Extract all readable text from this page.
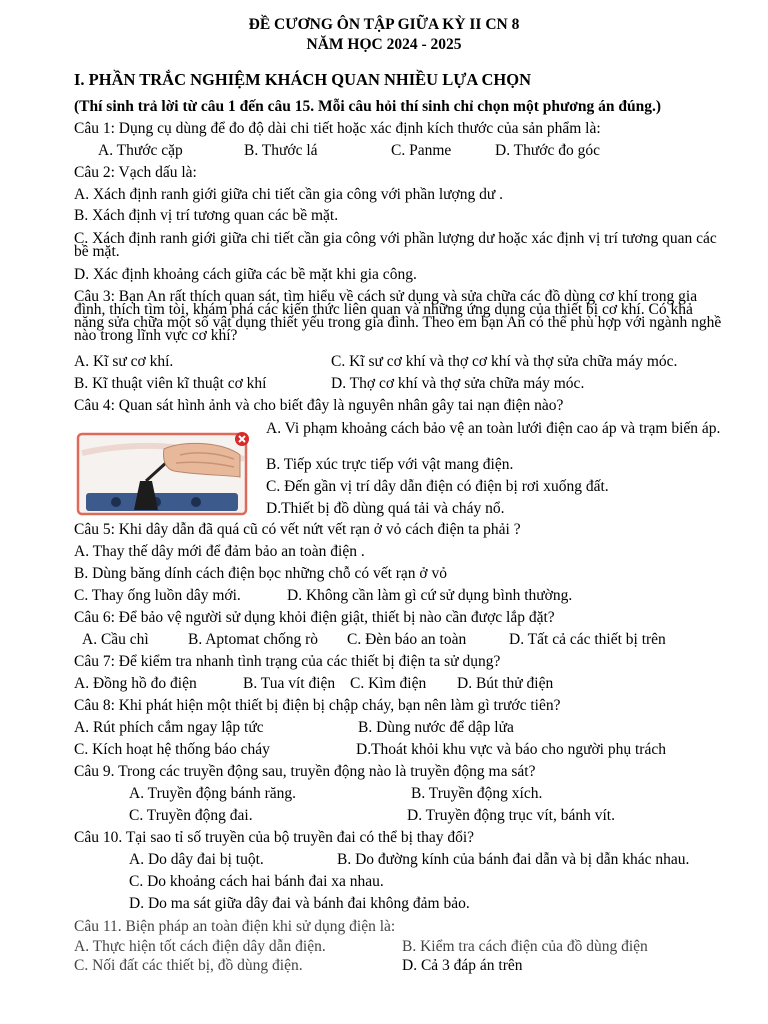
ĐỀ CƯƠNG ÔN TẬP GIỮA KỲ II CN 8
NĂM HỌC 2024 - 2025
I. PHẦN TRẮC NGHIỆM KHÁCH QUAN NHIỀU LỰA CHỌN
(Thí sinh trả lời từ câu 1 đến câu 15. Mỗi câu hỏi thí sinh chỉ chọn một phương án đúng.)
Câu 1: Dụng cụ dùng để đo độ dài chi tiết hoặc xác định kích thước của sản phẩm là:
A. Thước cặp	B. Thước lá	C. Panme	D. Thước đo góc
Câu 2: Vạch dấu là:
A. Xách định ranh giới giữa chi tiết cần gia công với phần lượng dư .
B. Xách định vị trí tương quan các bề mặt.
C. Xách định ranh giới giữa chi tiết cần gia công với phần lượng dư hoặc xác định vị trí tương quan các bề mặt.
D. Xác định khoảng cách giữa các bề mặt khi gia công.
Câu 3: Bạn An rất thích quan sát, tìm hiểu về cách sử dụng và sửa chữa các đồ dùng cơ khí trong gia đình, thích tìm tòi, khám phá các kiến thức liên quan và những ứng dụng của thiết bị cơ khí. Có khả năng sửa chữa một số vật dụng thiết yếu trong gia đình. Theo em bạn An có thể phù hợp với ngành nghề nào trong lĩnh vực cơ khí?
A. Kĩ sư cơ khí.	C. Kĩ sư cơ khí và thợ cơ khí và thợ sửa chữa máy móc.
B. Kĩ thuật viên kĩ thuật cơ khí	D. Thợ cơ khí và thợ sửa chữa máy móc.
Câu 4: Quan sát hình ảnh và cho biết đây là nguyên nhân gây tai nạn điện nào?
A. Vi phạm khoảng cách bảo vệ an toàn lưới điện cao áp và trạm biến áp.
B. Tiếp xúc trực tiếp với vật mang điện.
C. Đến gần vị trí dây dẫn điện có điện bị rơi xuống đất.
D.Thiết bị đồ dùng quá tải và cháy nổ.
Câu 5: Khi dây dẫn đã quá cũ có vết nứt vết rạn ở vỏ cách điện ta phải ?
A. Thay thế dây mới để đảm bảo an toàn điện .
B. Dùng băng dính cách điện bọc những chỗ có vết rạn ở vỏ
C. Thay ống luồn dây mới.	D. Không cần làm gì cứ sử dụng bình thường.
Câu 6: Để bảo vệ người sử dụng khỏi điện giật, thiết bị nào cần được lắp đặt?
A. Cầu chì	B. Aptomat chống rò C. Đèn báo an toàn	D. Tất cả các thiết bị trên
Câu 7: Để kiểm tra nhanh tình trạng của các thiết bị điện ta sử dụng?
A. Đồng hồ đo điện	B. Tua vít điện C. Kìm điện D. Bút thử điện
Câu 8: Khi phát hiện một thiết bị điện bị chập cháy, bạn nên làm gì trước tiên?
A. Rút phích cắm ngay lập tức	B. Dùng nước để dập lửa
C. Kích hoạt hệ thống báo cháy	D.Thoát khỏi khu vực và báo cho người phụ trách
Câu 9. Trong các truyền động sau, truyền động nào là truyền động ma sát?
A. Truyền động bánh răng.	B. Truyền động xích.
C. Truyền động đai.	D. Truyền động trục vít, bánh vít.
Câu 10. Tại sao tỉ số truyền của bộ truyền đai có thể bị thay đổi?
A. Do dây đai bị tuột.	B. Do đường kính của bánh đai dẫn và bị dẫn khác nhau.
C. Do khoảng cách hai bánh đai xa nhau.
D. Do ma sát giữa dây đai và bánh đai không đảm bảo.
Câu 11. Biện pháp an toàn điện khi sử dụng điện là:
A. Thực hiện tốt cách điện dây dẫn điện.	B. Kiểm tra cách điện của đồ dùng điện
C. Nối đất các thiết bị, đồ dùng điện.	D. Cả 3 đáp án trên
